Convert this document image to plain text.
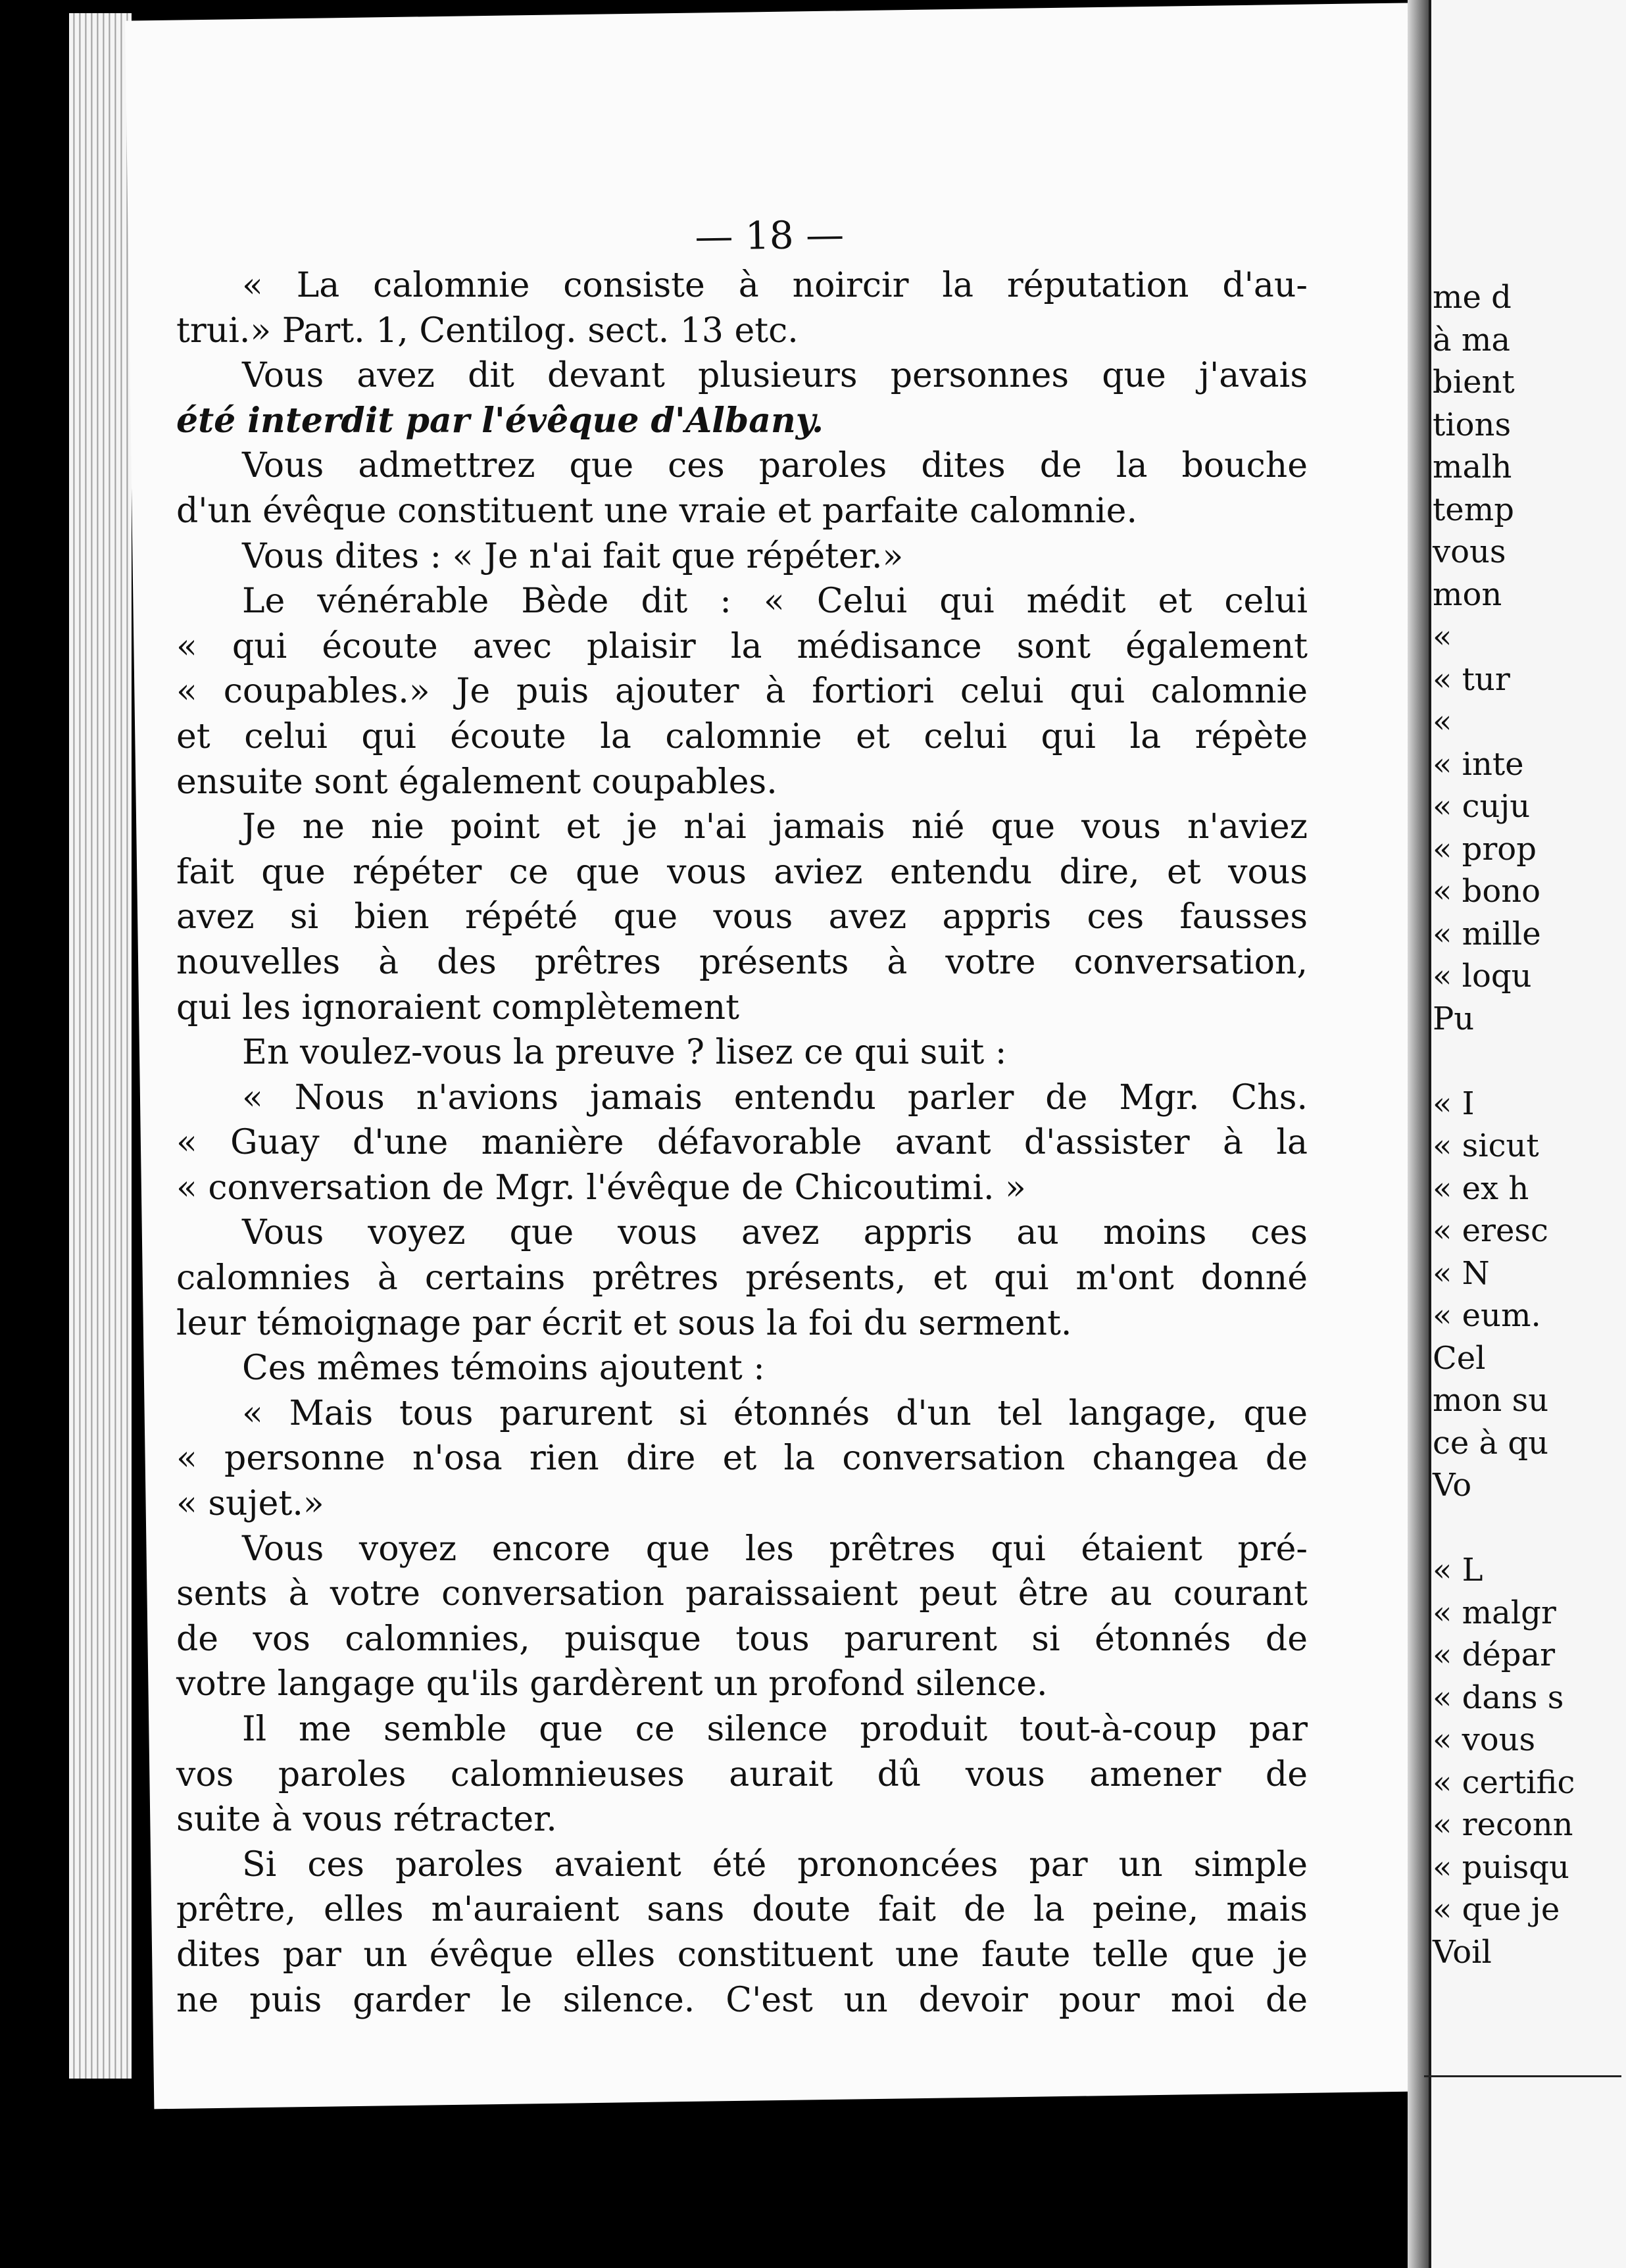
— 18 —
« La calomnie consiste à noircir la réputation d'au-
trui.» Part. 1, Centilog. sect. 13 etc.
Vous avez dit devant plusieurs personnes que j'avais
été interdit par l'évêque d'Albany.
Vous admettrez que ces paroles dites de la bouche
d'un évêque constituent une vraie et parfaite calomnie.
Vous dites : « Je n'ai fait que répéter.»
Le vénérable Bède dit : « Celui qui médit et celui
« qui écoute avec plaisir la médisance sont également
« coupables.» Je puis ajouter à fortiori celui qui calomnie
et celui qui écoute la calomnie et celui qui la répète
ensuite sont également coupables.
Je ne nie point et je n'ai jamais nié que vous n'aviez
fait que répéter ce que vous aviez entendu dire, et vous
avez si bien répété que vous avez appris ces fausses
nouvelles à des prêtres présents à votre conversation,
qui les ignoraient complètement
En voulez-vous la preuve ? lisez ce qui suit :
« Nous n'avions jamais entendu parler de Mgr. Chs.
« Guay d'une manière défavorable avant d'assister à la
« conversation de Mgr. l'évêque de Chicoutimi. »
Vous voyez que vous avez appris au moins ces
calomnies à certains prêtres présents, et qui m'ont donné
leur témoignage par écrit et sous la foi du serment.
Ces mêmes témoins ajoutent :
« Mais tous parurent si étonnés d'un tel langage, que
« personne n'osa rien dire et la conversation changea de
« sujet.»
Vous voyez encore que les prêtres qui étaient pré-
sents à votre conversation paraissaient peut être au courant
de vos calomnies, puisque tous parurent si étonnés de
votre langage qu'ils gardèrent un profond silence.
Il me semble que ce silence produit tout-à-coup par
vos paroles calomnieuses aurait dû vous amener de
suite à vous rétracter.
Si ces paroles avaient été prononcées par un simple
prêtre, elles m'auraient sans doute fait de la peine, mais
dites par un évêque elles constituent une faute telle que je
ne puis garder le silence. C'est un devoir pour moi de
me d
à ma
bient
tions
malh
temp
vous
mon
«
« tur
«
« inte
« cuju
« prop
« bono
« mille
« loqu
Pu

« I
« sicut
« ex h
« eresc
« N
« eum.
Cel
mon su
ce à qu
Vo

« L
« malgr
« dépar
« dans s
« vous
« certific
« reconn
« puisqu
« que je
Voil
